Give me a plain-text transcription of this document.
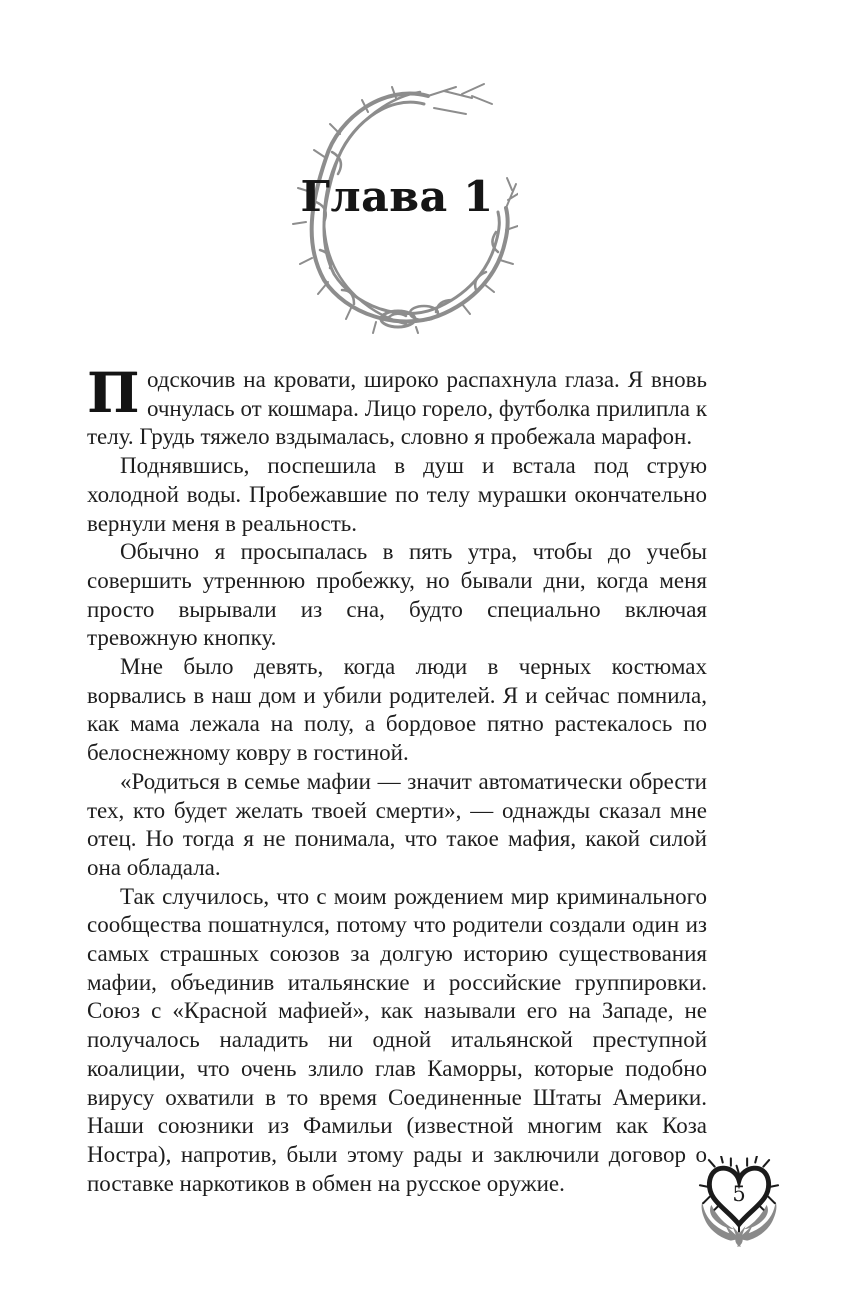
Глава 1

Подскочив на кровати, широко распахнула глаза. Я вновь очнулась от кошмара. Лицо горело, футболка прилипла к телу. Грудь тяжело вздымалась, словно я пробежала марафон.

Поднявшись, поспешила в душ и встала под струю холодной воды. Пробежавшие по телу мурашки окончательно вернули меня в реальность.

Обычно я просыпалась в пять утра, чтобы до учебы совершить утреннюю пробежку, но бывали дни, когда меня просто вырывали из сна, будто специально включая тревожную кнопку.

Мне было девять, когда люди в черных костюмах ворвались в наш дом и убили родителей. Я и сейчас помнила, как мама лежала на полу, а бордовое пятно растекалось по белоснежному ковру в гостиной.

«Родиться в семье мафии — значит автоматически обрести тех, кто будет желать твоей смерти», — однажды сказал мне отец. Но тогда я не понимала, что такое мафия, какой силой она обладала.

Так случилось, что с моим рождением мир криминального сообщества пошатнулся, потому что родители создали один из самых страшных союзов за долгую историю существования мафии, объединив итальянские и российские группировки. Союз с «Красной мафией», как называли его на Западе, не получалось наладить ни одной итальянской преступной коалиции, что очень злило глав Каморры, которые подобно вирусу охватили в то время Соединенные Штаты Америки. Наши союзники из Фамильи (известной многим как Коза Ностра), напротив, были этому рады и заключили договор о поставке наркотиков в обмен на русское оружие.	5
